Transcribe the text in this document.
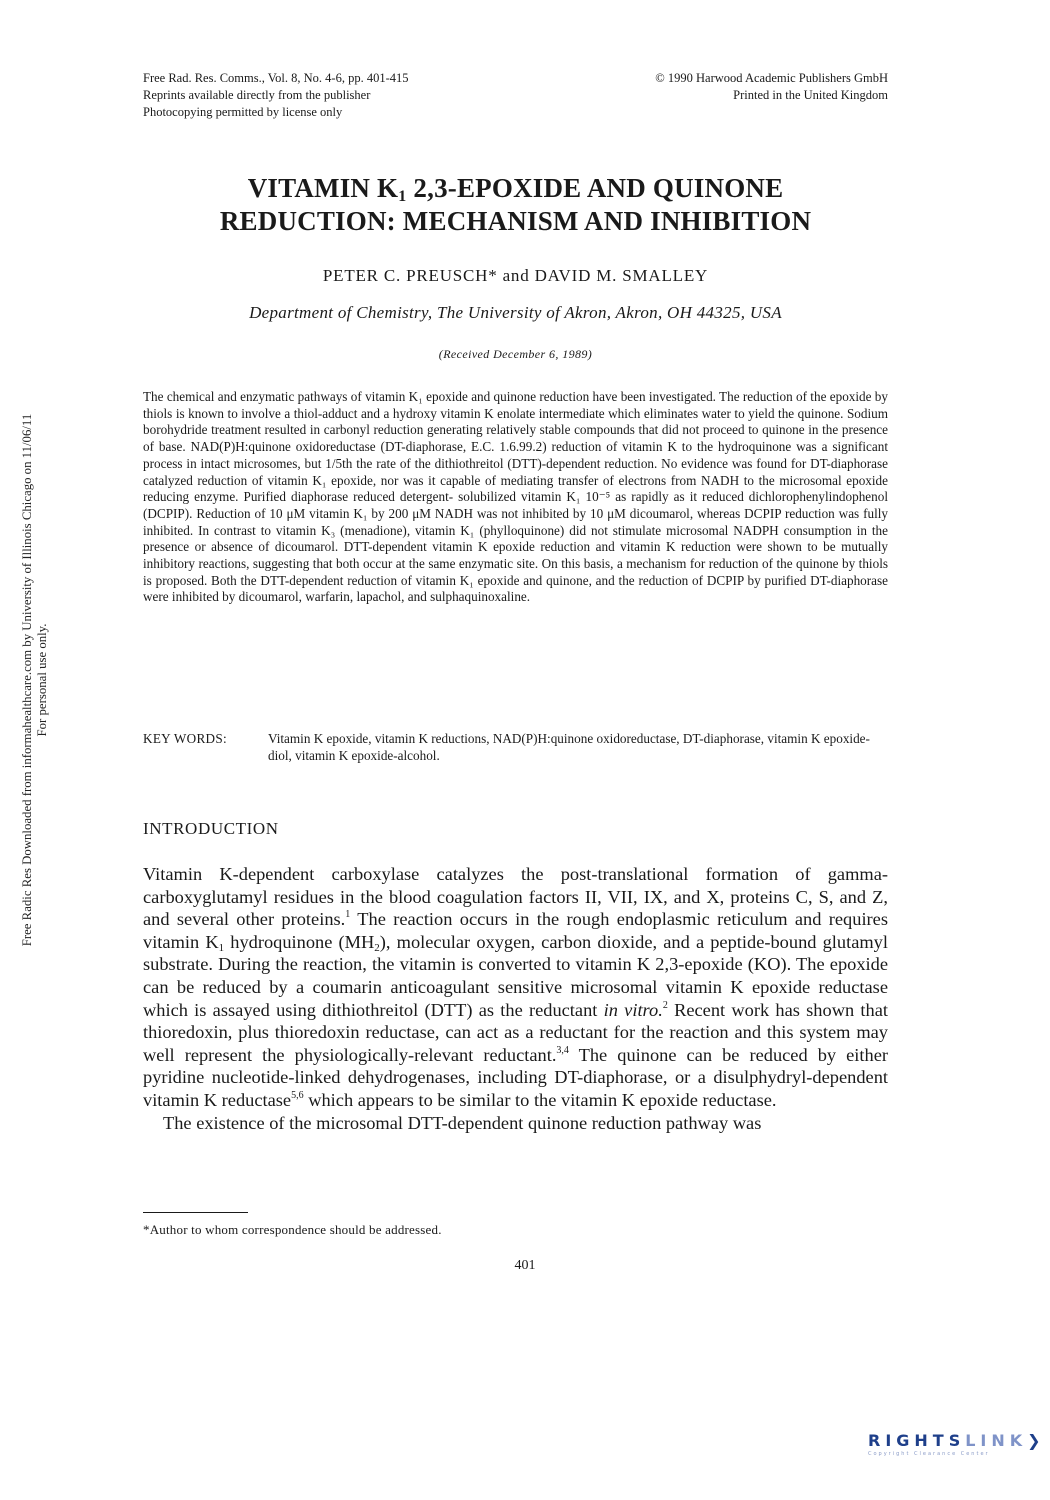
Free Rad. Res. Comms., Vol. 8, No. 4-6, pp. 401-415
Reprints available directly from the publisher
Photocopying permitted by license only
© 1990 Harwood Academic Publishers GmbH
Printed in the United Kingdom
VITAMIN $K_1$ 2,3-EPOXIDE AND QUINONE
REDUCTION: MECHANISM AND INHIBITION
PETER C. PREUSCH* and DAVID M. SMALLEY
Department of Chemistry, The University of Akron, Akron, OH 44325, USA
(Received December 6, 1989)
The chemical and enzymatic pathways of vitamin K₁ epoxide and quinone reduction have been investigated. The reduction of the epoxide by thiols is known to involve a thiol-adduct and a hydroxy vitamin K enolate intermediate which eliminates water to yield the quinone. Sodium borohydride treatment resulted in carbonyl reduction generating relatively stable compounds that did not proceed to quinone in the presence of base. NAD(P)H:quinone oxidoreductase (DT-diaphorase, E.C. 1.6.99.2) reduction of vitamin K to the hydroquinone was a significant process in intact microsomes, but 1/5th the rate of the dithiothreitol (DTT)-dependent reduction. No evidence was found for DT-diaphorase catalyzed reduction of vitamin K₁ epoxide, nor was it capable of mediating transfer of electrons from NADH to the microsomal epoxide reducing enzyme. Purified diaphorase reduced detergent- solubilized vitamin K₁ 10⁻⁵ as rapidly as it reduced dichlorophenylindophenol (DCPIP). Reduction of 10 μM vitamin K₁ by 200 μM NADH was not inhibited by 10 μM dicoumarol, whereas DCPIP reduction was fully inhibited. In contrast to vitamin K₃ (menadione), vitamin K₁ (phylloquinone) did not stimulate microsomal NADPH consumption in the presence or absence of dicoumarol. DTT-dependent vitamin K epoxide reduction and vitamin K reduction were shown to be mutually inhibitory reactions, suggesting that both occur at the same enzymatic site. On this basis, a mechanism for reduction of the quinone by thiols is proposed. Both the DTT-dependent reduction of vitamin K₁ epoxide and quinone, and the reduction of DCPIP by purified DT-diaphorase were inhibited by dicoumarol, warfarin, lapachol, and sulphaquinoxaline.
KEY WORDS:	Vitamin K epoxide, vitamin K reductions, NAD(P)H:quinone oxidoreductase, DT-diaphorase, vitamin K epoxide-diol, vitamin K epoxide-alcohol.
INTRODUCTION

Vitamin K-dependent carboxylase catalyzes the post-translational formation of gamma-carboxyglutamyl residues in the blood coagulation factors II, VII, IX, and X, proteins C, S, and Z, and several other proteins.$^1$ The reaction occurs in the rough endoplasmic reticulum and requires vitamin $K_1$ hydroquinone $(MH_2)$, molecular oxygen, carbon dioxide, and a peptide-bound glutamyl substrate. During the reaction, the vitamin is converted to vitamin K 2,3-epoxide (KO). The epoxide can be reduced by a coumarin anticoagulant sensitive microsomal vitamin K epoxide reductase which is assayed using dithiothreitol (DTT) as the reductant in vitro.$^2$ Recent work has shown that thioredoxin, plus thioredoxin reductase, can act as a reductant for the reaction and this system may well represent the physiologically-relevant reductant.$^{3,4}$ The quinone can be reduced by either pyridine nucleotide-linked dehydrogenases, including DT-diaphorase, or a disulphydryl-dependent vitamin K reductase$^{5,6}$ which appears to be similar to the vitamin K epoxide reductase.

The existence of the microsomal DTT-dependent quinone reduction pathway was

*Author to whom correspondence should be addressed.
401
Free Radic Res Downloaded from informahealthcare.com by University of Illinois Chicago on 11/06/11 For personal use only.
RIGHTSLINK❯
Copyright Clearance Center
